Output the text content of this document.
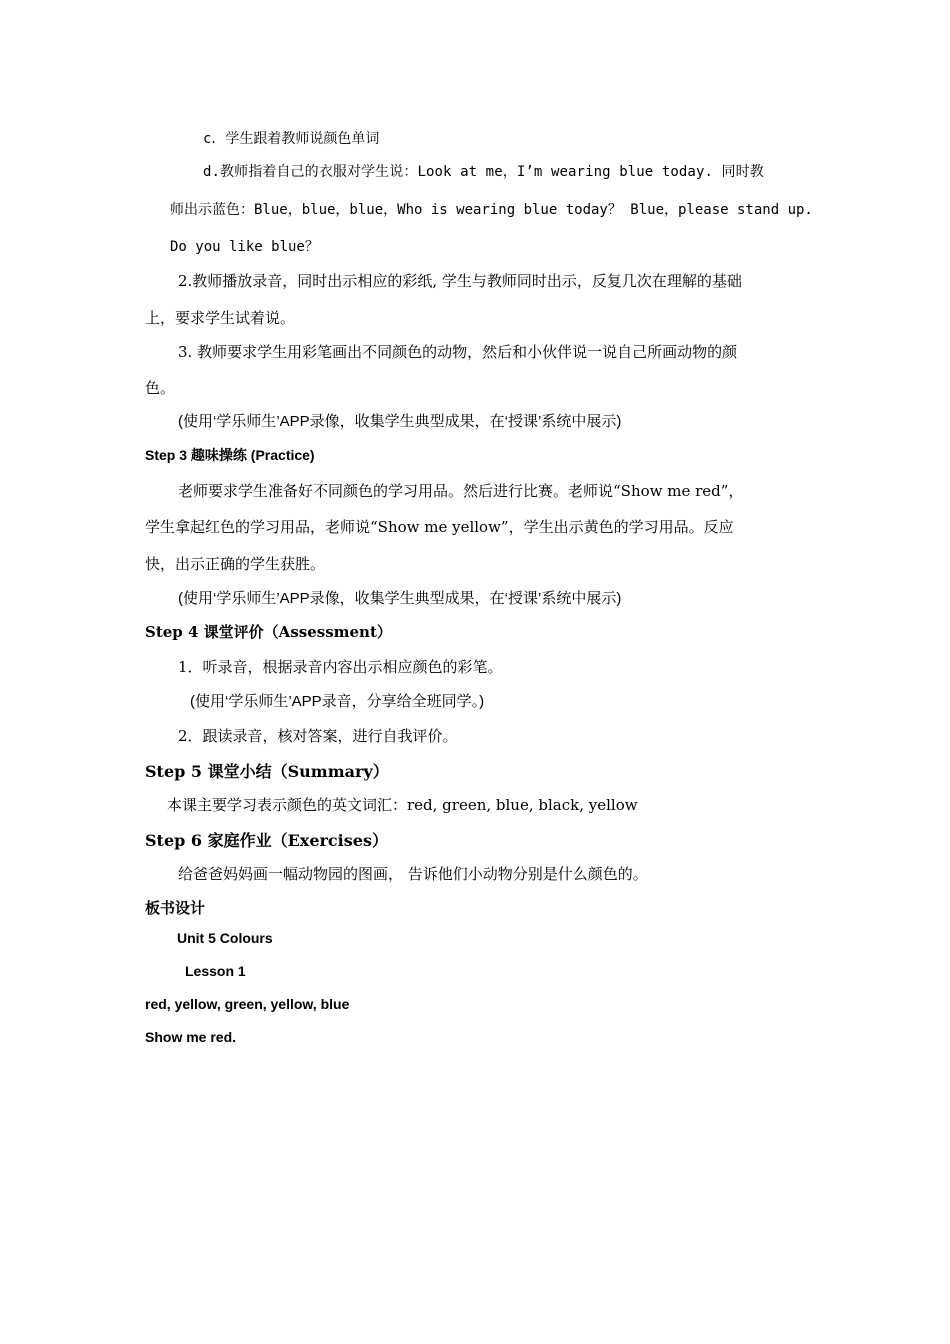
c．学生跟着教师说颜色单词
d.教师指着自己的衣服对学生说：Look at me，I’m wearing blue today. 同时教
师出示蓝色：Blue，blue，blue，Who is wearing blue today？ Blue，please stand up.
Do you like blue？
2.教师播放录音，同时出示相应的彩纸, 学生与教师同时出示，反复几次在理解的基础
上，要求学生试着说。
3. 教师要求学生用彩笔画出不同颜色的动物，然后和小伙伴说一说自己所画动物的颜
色。
(使用‘学乐师生’APP录像，收集学生典型成果，在‘授课’系统中展示)
Step 3 趣味操练 (Practice)
老师要求学生准备好不同颜色的学习用品。然后进行比赛。老师说“Show me red”，
学生拿起红色的学习用品，老师说“Show me yellow”，学生出示黄色的学习用品。反应
快，出示正确的学生获胜。
(使用‘学乐师生’APP录像，收集学生典型成果，在‘授课’系统中展示)
Step 4 课堂评价（Assessment）
1．听录音，根据录音内容出示相应颜色的彩笔。
(使用‘学乐师生’APP录音，分享给全班同学。)
2．跟读录音，核对答案，进行自我评价。
Step 5 课堂小结（Summary）
本课主要学习表示颜色的英文词汇：red, green, blue, black, yellow
Step 6 家庭作业（Exercises）
给爸爸妈妈画一幅动物园的图画， 告诉他们小动物分别是什么颜色的。
板书设计
Unit 5 Colours
Lesson 1
red, yellow, green, yellow, blue
Show me red.
